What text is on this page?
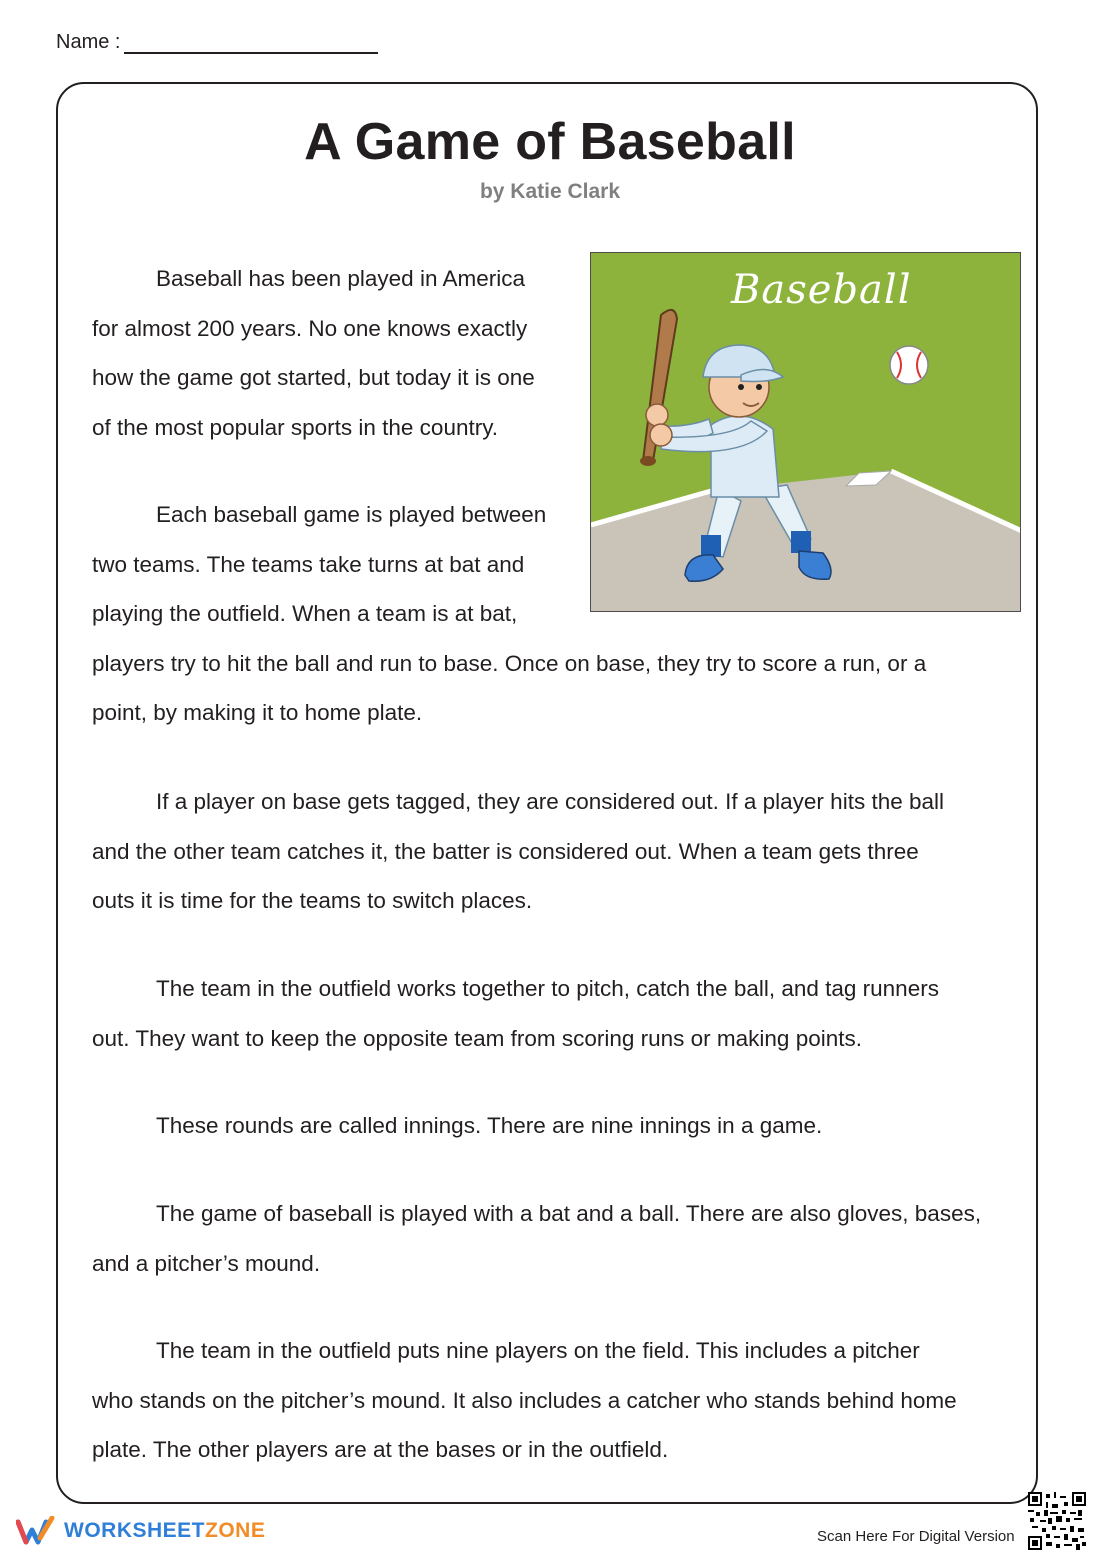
Name :
A Game of Baseball
by Katie Clark
Baseball

Baseball has been played in America
for almost 200 years. No one knows exactly
how the game got started, but today it is one
of the most popular sports in the country.

Each baseball game is played between
two teams. The teams take turns at bat and
playing the outfield. When a team is at bat,
players try to hit the ball and run to base. Once on base, they try to score a run, or a
point, by making it to home plate.

If a player on base gets tagged, they are considered out. If a player hits the ball
and the other team catches it, the batter is considered out. When a team gets three
outs it is time for the teams to switch places.

The team in the outfield works together to pitch, catch the ball, and tag runners
out. They want to keep the opposite team from scoring runs or making points.

These rounds are called innings. There are nine innings in a game.

The game of baseball is played with a bat and a ball. There are also gloves, bases,
and a pitcher’s mound.

The team in the outfield puts nine players on the field. This includes a pitcher
who stands on the pitcher’s mound. It also includes a catcher who stands behind home
plate. The other players are at the bases or in the outfield.

WORKSHEETZONE	Scan Here For Digital Version
